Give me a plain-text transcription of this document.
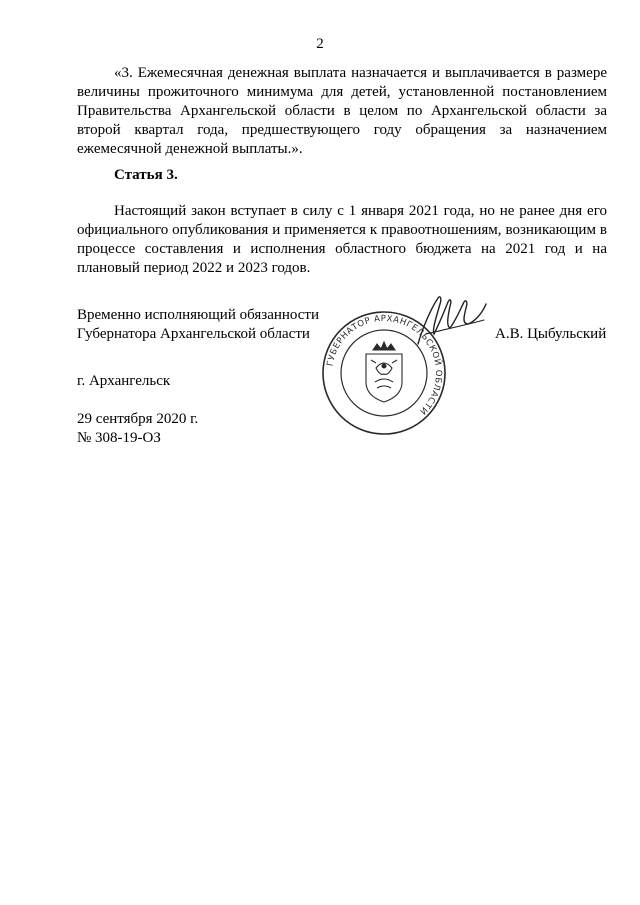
2

«3. Ежемесячная денежная выплата назначается и выплачивается в размере величины прожиточного минимума для детей, установленной постановлением Правительства Архангельской области в целом по Архангельской области за второй квартал года, предшествующего году обращения за назначением ежемесячной денежной выплаты.».

Статья 3.

Настоящий закон вступает в силу с 1 января 2021 года, но не ранее дня его официального опубликования и применяется к правоотношениям, возникающим в процессе составления и исполнения областного бюджета на 2021 год и на плановый период 2022 и 2023 годов.

Временно исполняющий обязанности
Губернатора Архангельской области
ГУБЕРНАТОР АРХАНГЕЛЬСКОЙ ОБЛАСТИ
А.В. Цыбульский
г. Архангельск
29 сентября 2020 г.
№ 308-19-ОЗ
